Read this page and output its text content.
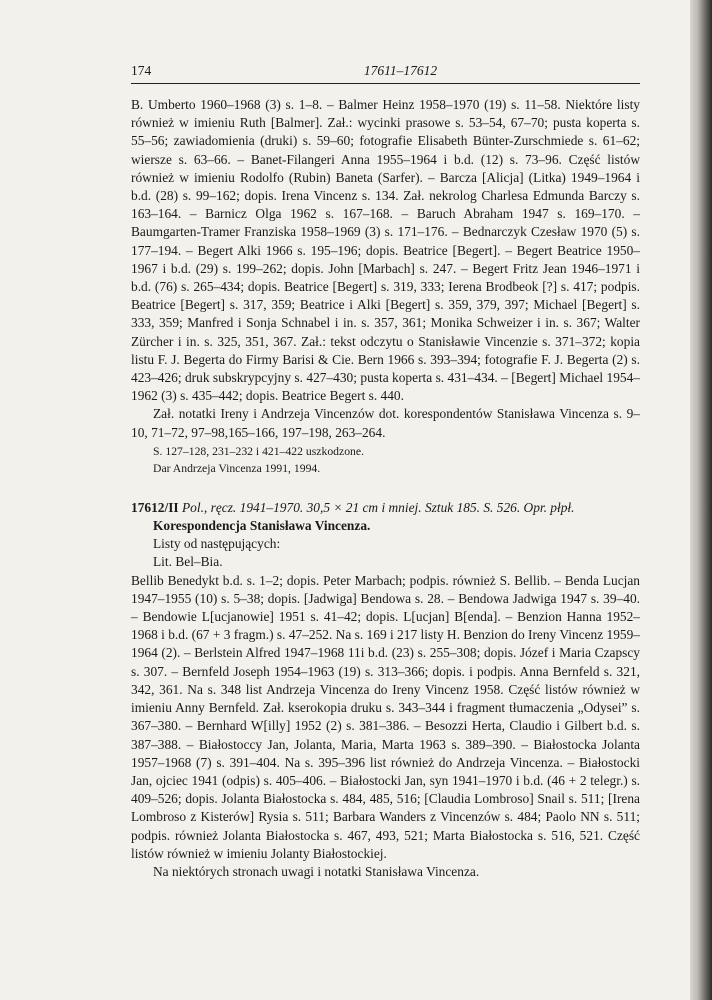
174	17611–17612

B. Umberto 1960–1968 (3) s. 1–8. – Balmer Heinz 1958–1970 (19) s. 11–58. Niektóre listy również w imieniu Ruth [Balmer]. Zał.: wycinki prasowe s. 53–54, 67–70; pusta koperta s. 55–56; zawiadomienia (druki) s. 59–60; fotografie Elisabeth Bünter-Zurschmiede s. 61–62; wiersze s. 63–66. – Banet-Filangeri Anna 1955–1964 i b.d. (12) s. 73–96. Część listów również w imieniu Rodolfo (Rubin) Baneta (Sarfer). – Barcza [Alicja] (Litka) 1949–1964 i b.d. (28) s. 99–162; dopis. Irena Vincenz s. 134. Zał. nekrolog Charlesa Edmunda Barczy s. 163–164. – Barnicz Olga 1962 s. 167–168. – Baruch Abraham 1947 s. 169–170. – Baumgarten-Tramer Franziska 1958–1969 (3) s. 171–176. – Bednarczyk Czesław 1970 (5) s. 177–194. – Begert Alki 1966 s. 195–196; dopis. Beatrice [Begert]. – Begert Beatrice 1950–1967 i b.d. (29) s. 199–262; dopis. John [Marbach] s. 247. – Begert Fritz Jean 1946–1971 i b.d. (76) s. 265–434; dopis. Beatrice [Begert] s. 319, 333; Ierena Brodbeok [?] s. 417; podpis. Beatrice [Begert] s. 317, 359; Beatrice i Alki [Begert] s. 359, 379, 397; Michael [Begert] s. 333, 359; Manfred i Sonja Schnabel i in. s. 357, 361; Monika Schweizer i in. s. 367; Walter Zürcher i in. s. 325, 351, 367. Zał.: tekst odczytu o Stanisławie Vincenzie s. 371–372; kopia listu F. J. Begerta do Firmy Barisi & Cie. Bern 1966 s. 393–394; fotografie F. J. Begerta (2) s. 423–426; druk subskrypcyjny s. 427–430; pusta koperta s. 431–434. – [Begert] Michael 1954–1962 (3) s. 435–442; dopis. Beatrice Begert s. 440.

Zał. notatki Ireny i Andrzeja Vincenzów dot. korespondentów Stanisława Vincenza s. 9–10, 71–72, 97–98,165–166, 197–198, 263–264.

S. 127–128, 231–232 i 421–422 uszkodzone.

Dar Andrzeja Vincenza 1991, 1994.

17612/II Pol., ręcz. 1941–1970. 30,5 × 21 cm i mniej. Sztuk 185. S. 526. Opr. płpł.

Korespondencja Stanisława Vincenza.

Listy od następujących:

Lit. Bel–Bia.

Bellib Benedykt b.d. s. 1–2; dopis. Peter Marbach; podpis. również S. Bellib. – Benda Lucjan 1947–1955 (10) s. 5–38; dopis. [Jadwiga] Bendowa s. 28. – Bendowa Jadwiga 1947 s. 39–40. – Bendowie L[ucjanowie] 1951 s. 41–42; dopis. L[ucjan] B[enda]. – Benzion Hanna 1952–1968 i b.d. (67 + 3 fragm.) s. 47–252. Na s. 169 i 217 listy H. Benzion do Ireny Vincenz 1959–1964 (2). – Berlstein Alfred 1947–1968 11i b.d. (23) s. 255–308; dopis. Józef i Maria Czapscy s. 307. – Bernfeld Joseph 1954–1963 (19) s. 313–366; dopis. i podpis. Anna Bernfeld s. 321, 342, 361. Na s. 348 list Andrzeja Vincenza do Ireny Vincenz 1958. Część listów również w imieniu Anny Bernfeld. Zał. kserokopia druku s. 343–344 i fragment tłumaczenia „Odysei” s. 367–380. – Bernhard W[illy] 1952 (2) s. 381–386. – Besozzi Herta, Claudio i Gilbert b.d. s. 387–388. – Białostoccy Jan, Jolanta, Maria, Marta 1963 s. 389–390. – Białostocka Jolanta 1957–1968 (7) s. 391–404. Na s. 395–396 list również do Andrzeja Vincenza. – Białostocki Jan, ojciec 1941 (odpis) s. 405–406. – Białostocki Jan, syn 1941–1970 i b.d. (46 + 2 telegr.) s. 409–526; dopis. Jolanta Białostocka s. 484, 485, 516; [Claudia Lombroso] Snail s. 511; [Irena Lombroso z Kisterów] Rysia s. 511; Barbara Wanders z Vincenzów s. 484; Paolo NN s. 511; podpis. również Jolanta Białostocka s. 467, 493, 521; Marta Białostocka s. 516, 521. Część listów również w imieniu Jolanty Białostockiej.

Na niektórych stronach uwagi i notatki Stanisława Vincenza.
